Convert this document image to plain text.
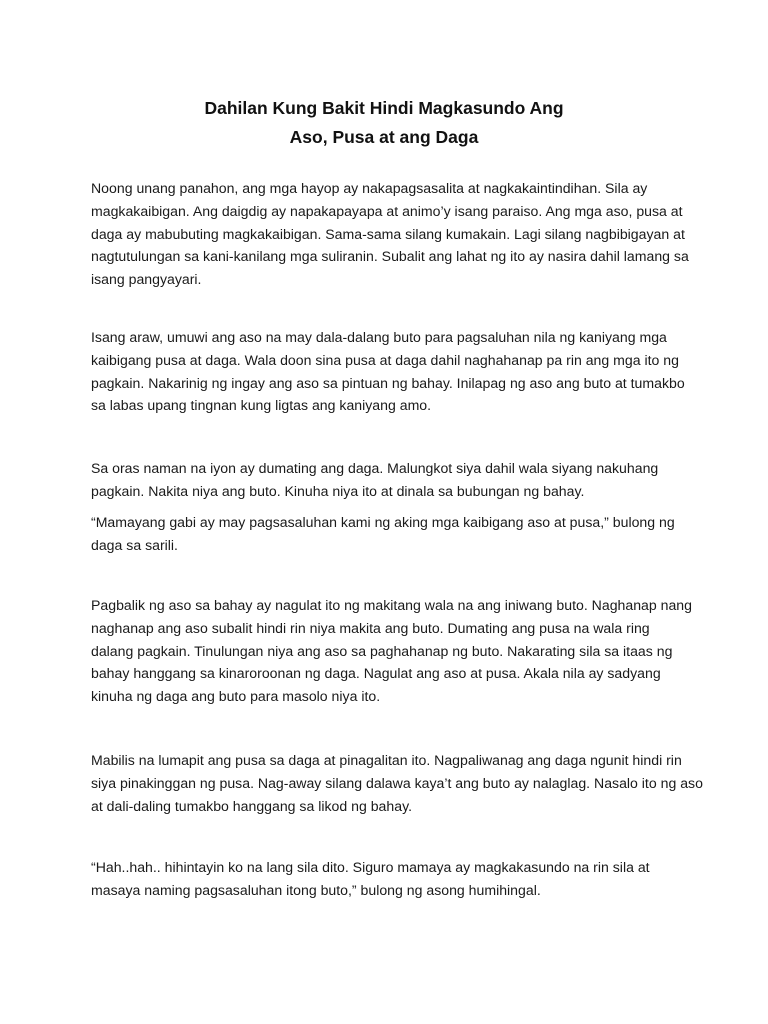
Dahilan Kung Bakit Hindi Magkasundo Ang
Aso, Pusa at ang Daga

Noong unang panahon, ang mga hayop ay nakapagsasalita at nagkakaintindihan. Sila ay
magkakaibigan. Ang daigdig ay napakapayapa at animo’y isang paraiso. Ang mga aso, pusa at
daga ay mabubuting magkakaibigan. Sama-sama silang kumakain. Lagi silang nagbibigayan at
nagtutulungan sa kani-kanilang mga suliranin. Subalit ang lahat ng ito ay nasira dahil lamang sa
isang pangyayari.

Isang araw, umuwi ang aso na may dala-dalang buto para pagsaluhan nila ng kaniyang mga
kaibigang pusa at daga. Wala doon sina pusa at daga dahil naghahanap pa rin ang mga ito ng
pagkain. Nakarinig ng ingay ang aso sa pintuan ng bahay. Inilapag ng aso ang buto at tumakbo
sa labas upang tingnan kung ligtas ang kaniyang amo.

Sa oras naman na iyon ay dumating ang daga. Malungkot siya dahil wala siyang nakuhang
pagkain. Nakita niya ang buto. Kinuha niya ito at dinala sa bubungan ng bahay.

“Mamayang gabi ay may pagsasaluhan kami ng aking mga kaibigang aso at pusa,” bulong ng
daga sa sarili.

Pagbalik ng aso sa bahay ay nagulat ito ng makitang wala na ang iniwang buto. Naghanap nang
naghanap ang aso subalit hindi rin niya makita ang buto. Dumating ang pusa na wala ring
dalang pagkain. Tinulungan niya ang aso sa paghahanap ng buto. Nakarating sila sa itaas ng
bahay hanggang sa kinaroroonan ng daga. Nagulat ang aso at pusa. Akala nila ay sadyang
kinuha ng daga ang buto para masolo niya ito.

Mabilis na lumapit ang pusa sa daga at pinagalitan ito. Nagpaliwanag ang daga ngunit hindi rin
siya pinakinggan ng pusa. Nag-away silang dalawa kaya’t ang buto ay nalaglag. Nasalo ito ng aso
at dali-daling tumakbo hanggang sa likod ng bahay.

“Hah..hah.. hihintayin ko na lang sila dito. Siguro mamaya ay magkakasundo na rin sila at
masaya naming pagsasaluhan itong buto,” bulong ng asong humihingal.
